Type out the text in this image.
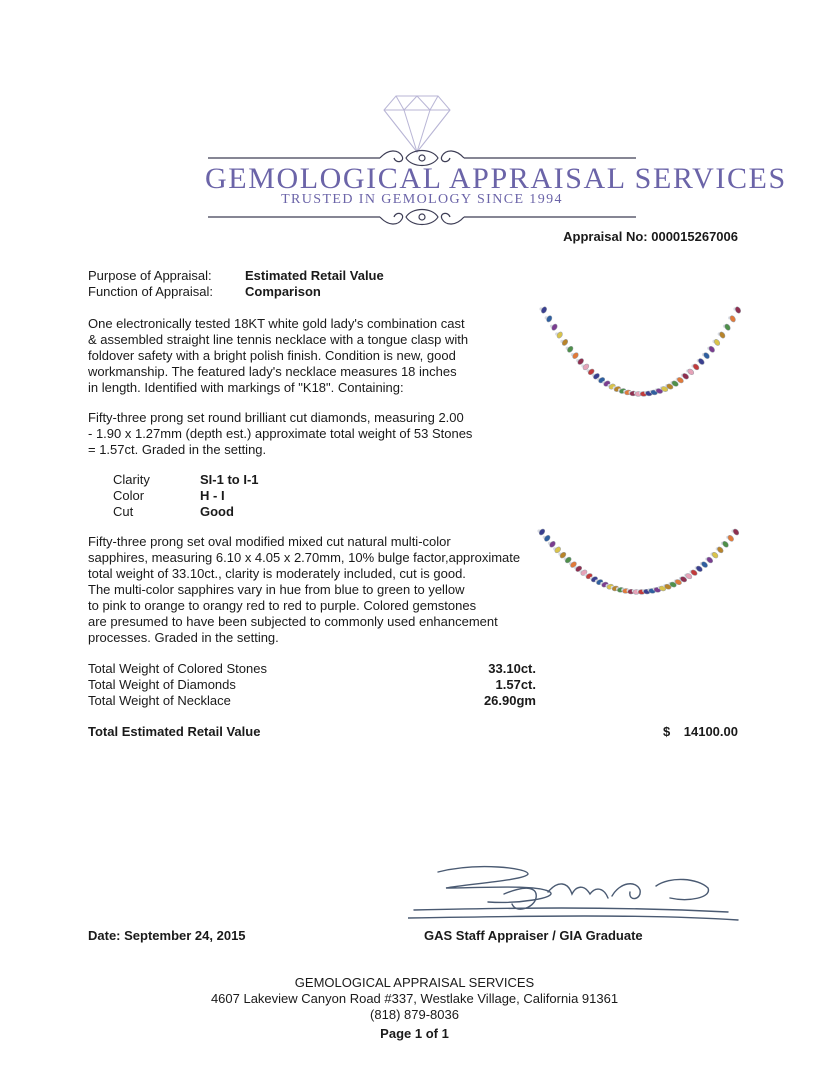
GEMOLOGICAL APPRAISAL SERVICES
TRUSTED IN GEMOLOGY SINCE 1994
Appraisal No: 000015267006
Purpose of Appraisal:	Estimated Retail Value
Function of Appraisal: Comparison
One electronically tested 18KT white gold lady's combination cast
& assembled straight line tennis necklace with a tongue clasp with
foldover safety with a bright polish finish. Condition is new, good
workmanship. The featured lady's necklace measures 18 inches
in length. Identified with markings of "K18". Containing:
Fifty-three prong set round brilliant cut diamonds, measuring 2.00
- 1.90 x 1.27mm (depth est.) approximate total weight of 53 Stones
= 1.57ct. Graded in the setting.
Clarity	SI-1 to I-1
Color	H - I
Cut	Good
Fifty-three prong set oval modified mixed cut natural multi-color
sapphires, measuring 6.10 x 4.05 x 2.70mm, 10% bulge factor,approximate
total weight of 33.10ct., clarity is moderately included, cut is good.
The multi-color sapphires vary in hue from blue to green to yellow
to pink to orange to orangy red to red to purple. Colored gemstones
are presumed to have been subjected to commonly used enhancement
processes. Graded in the setting.
Total Weight of Colored Stones	33.10ct.
Total Weight of Diamonds	1.57ct.
Total Weight of Necklace	26.90gm
Total Estimated Retail Value	$ 14100.00
Date: September 24, 2015	GAS Staff Appraiser / GIA Graduate
GEMOLOGICAL APPRAISAL SERVICES
4607 Lakeview Canyon Road #337, Westlake Village, California 91361
(818) 879-8036
Page 1 of 1
